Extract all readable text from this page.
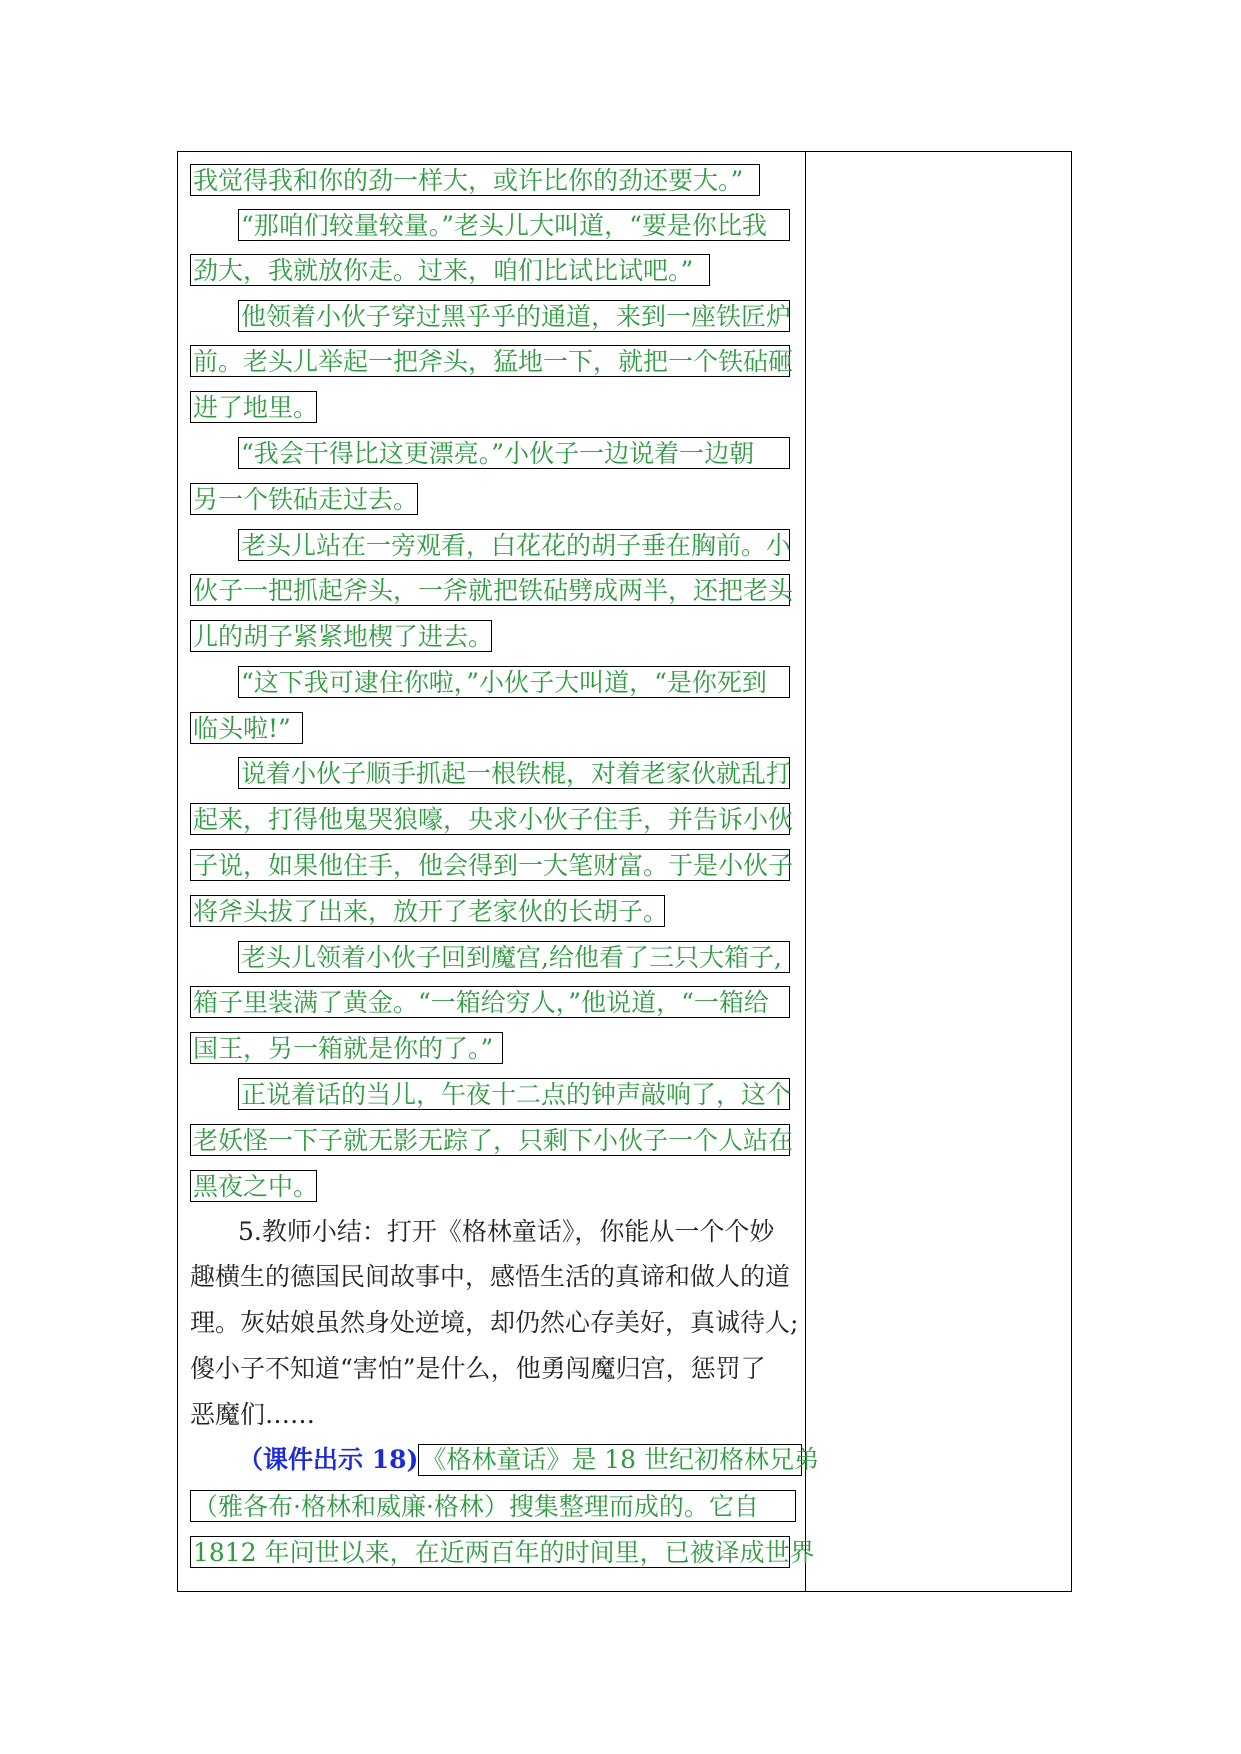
我觉得我和你的劲一样大，或许比你的劲还要大。”
“那咱们较量较量。”老头儿大叫道，“要是你比我
劲大，我就放你走。过来，咱们比试比试吧。”
他领着小伙子穿过黑乎乎的通道，来到一座铁匠炉
前。老头儿举起一把斧头，猛地一下，就把一个铁砧砸
进了地里。
“我会干得比这更漂亮。”小伙子一边说着一边朝
另一个铁砧走过去。
老头儿站在一旁观看，白花花的胡子垂在胸前。小
伙子一把抓起斧头，一斧就把铁砧劈成两半，还把老头
儿的胡子紧紧地楔了进去。
“这下我可逮住你啦，”小伙子大叫道，“是你死到
临头啦!”
说着小伙子顺手抓起一根铁棍，对着老家伙就乱打
起来，打得他鬼哭狼嚎，央求小伙子住手，并告诉小伙
子说，如果他住手，他会得到一大笔财富。于是小伙子
将斧头拔了出来，放开了老家伙的长胡子。
老头儿领着小伙子回到魔宫,给他看了三只大箱子,
箱子里装满了黄金。“一箱给穷人，”他说道，“一箱给
国王，另一箱就是你的了。”
正说着话的当儿，午夜十二点的钟声敲响了，这个
老妖怪一下子就无影无踪了，只剩下小伙子一个人站在
黑夜之中。
5.教师小结：打开《格林童话》，你能从一个个妙
趣横生的德国民间故事中，感悟生活的真谛和做人的道
理。灰姑娘虽然身处逆境，却仍然心存美好，真诚待人;
傻小子不知道“害怕”是什么，他勇闯魔归宫，惩罚了
恶魔们……
（课件出示 18) 《格林童话》是 18 世纪初格林兄弟
（雅各布·格林和威廉·格林）搜集整理而成的。它自
1812 年问世以来，在近两百年的时间里，已被译成世界
